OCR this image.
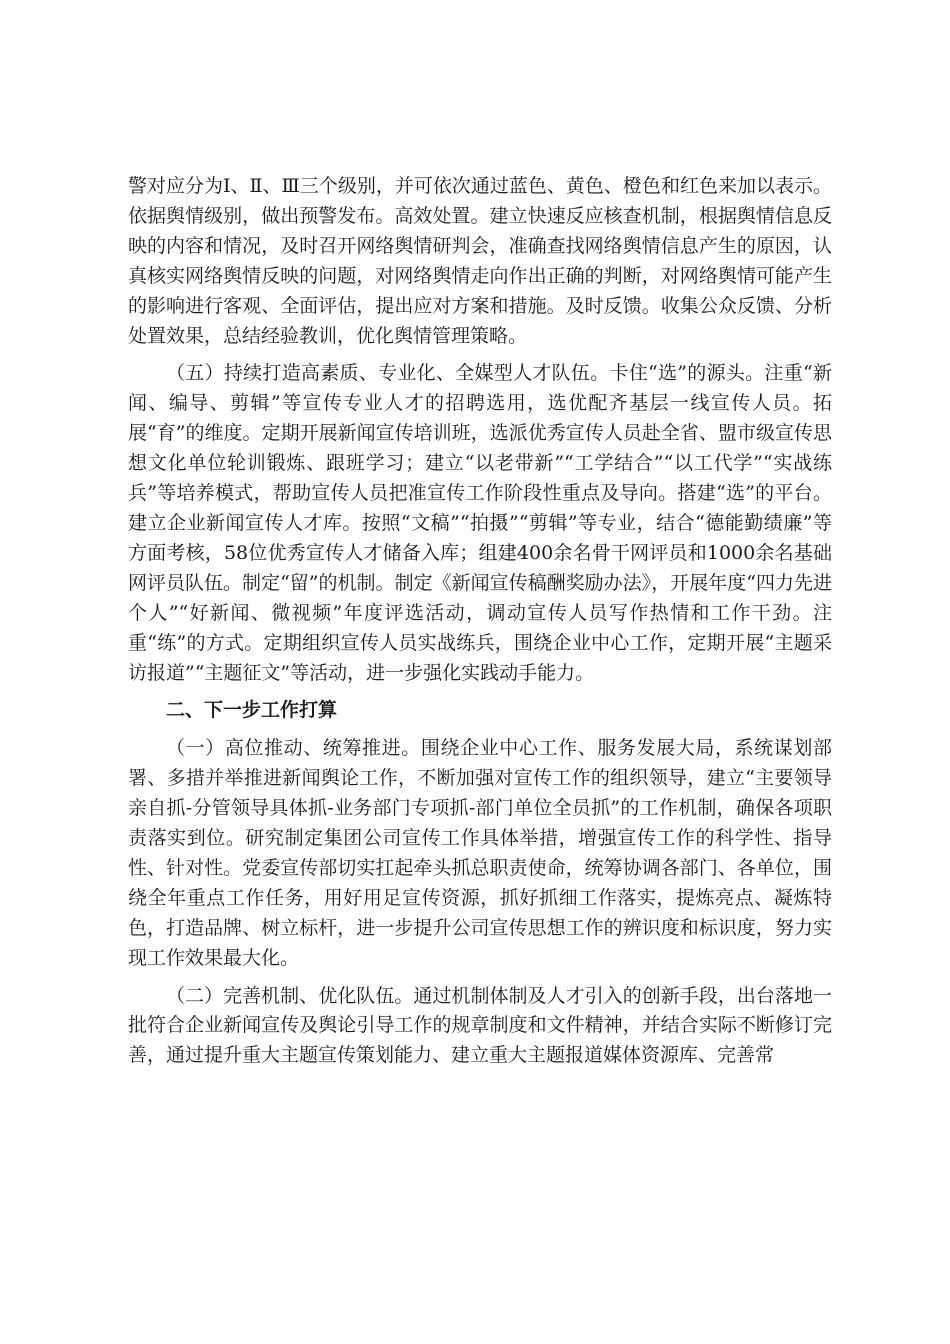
警对应分为Ⅰ、Ⅱ、Ⅲ三个级别，并可依次通过蓝色、黄色、橙色和红色来加以表示。依据舆情级别，做出预警发布。高效处置。建立快速反应核查机制，根据舆情信息反映的内容和情况，及时召开网络舆情研判会，准确查找网络舆情信息产生的原因，认真核实网络舆情反映的问题，对网络舆情走向作出正确的判断，对网络舆情可能产生的影响进行客观、全面评估，提出应对方案和措施。及时反馈。收集公众反馈、分析处置效果，总结经验教训，优化舆情管理策略。

（五）持续打造高素质、专业化、全媒型人才队伍。卡住“选”的源头。注重“新闻、编导、剪辑”等宣传专业人才的招聘选用，选优配齐基层一线宣传人员。拓展“育”的维度。定期开展新闻宣传培训班，选派优秀宣传人员赴全省、盟市级宣传思想文化单位轮训锻炼、跟班学习；建立“以老带新”“工学结合”“以工代学”“实战练兵”等培养模式，帮助宣传人员把准宣传工作阶段性重点及导向。搭建“选”的平台。建立企业新闻宣传人才库。按照“文稿”“拍摄”“剪辑”等专业，结合“德能勤绩廉”等方面考核，58位优秀宣传人才储备入库；组建400余名骨干网评员和1000余名基础网评员队伍。制定“留”的机制。制定《新闻宣传稿酬奖励办法》，开展年度“四力先进个人”“好新闻、微视频”年度评选活动，调动宣传人员写作热情和工作干劲。注重“练”的方式。定期组织宣传人员实战练兵，围绕企业中心工作，定期开展“主题采访报道”“主题征文”等活动，进一步强化实践动手能力。

二、下一步工作打算

（一）高位推动、统筹推进。围绕企业中心工作、服务发展大局，系统谋划部署、多措并举推进新闻舆论工作，不断加强对宣传工作的组织领导，建立“主要领导亲自抓-分管领导具体抓-业务部门专项抓-部门单位全员抓”的工作机制，确保各项职责落实到位。研究制定集团公司宣传工作具体举措，增强宣传工作的科学性、指导性、针对性。党委宣传部切实扛起牵头抓总职责使命，统筹协调各部门、各单位，围绕全年重点工作任务，用好用足宣传资源，抓好抓细工作落实，提炼亮点、凝炼特色，打造品牌、树立标杆，进一步提升公司宣传思想工作的辨识度和标识度，努力实现工作效果最大化。

（二）完善机制、优化队伍。通过机制体制及人才引入的创新手段，出台落地一批符合企业新闻宣传及舆论引导工作的规章制度和文件精神，并结合实际不断修订完善，通过提升重大主题宣传策划能力、建立重大主题报道媒体资源库、完善常
